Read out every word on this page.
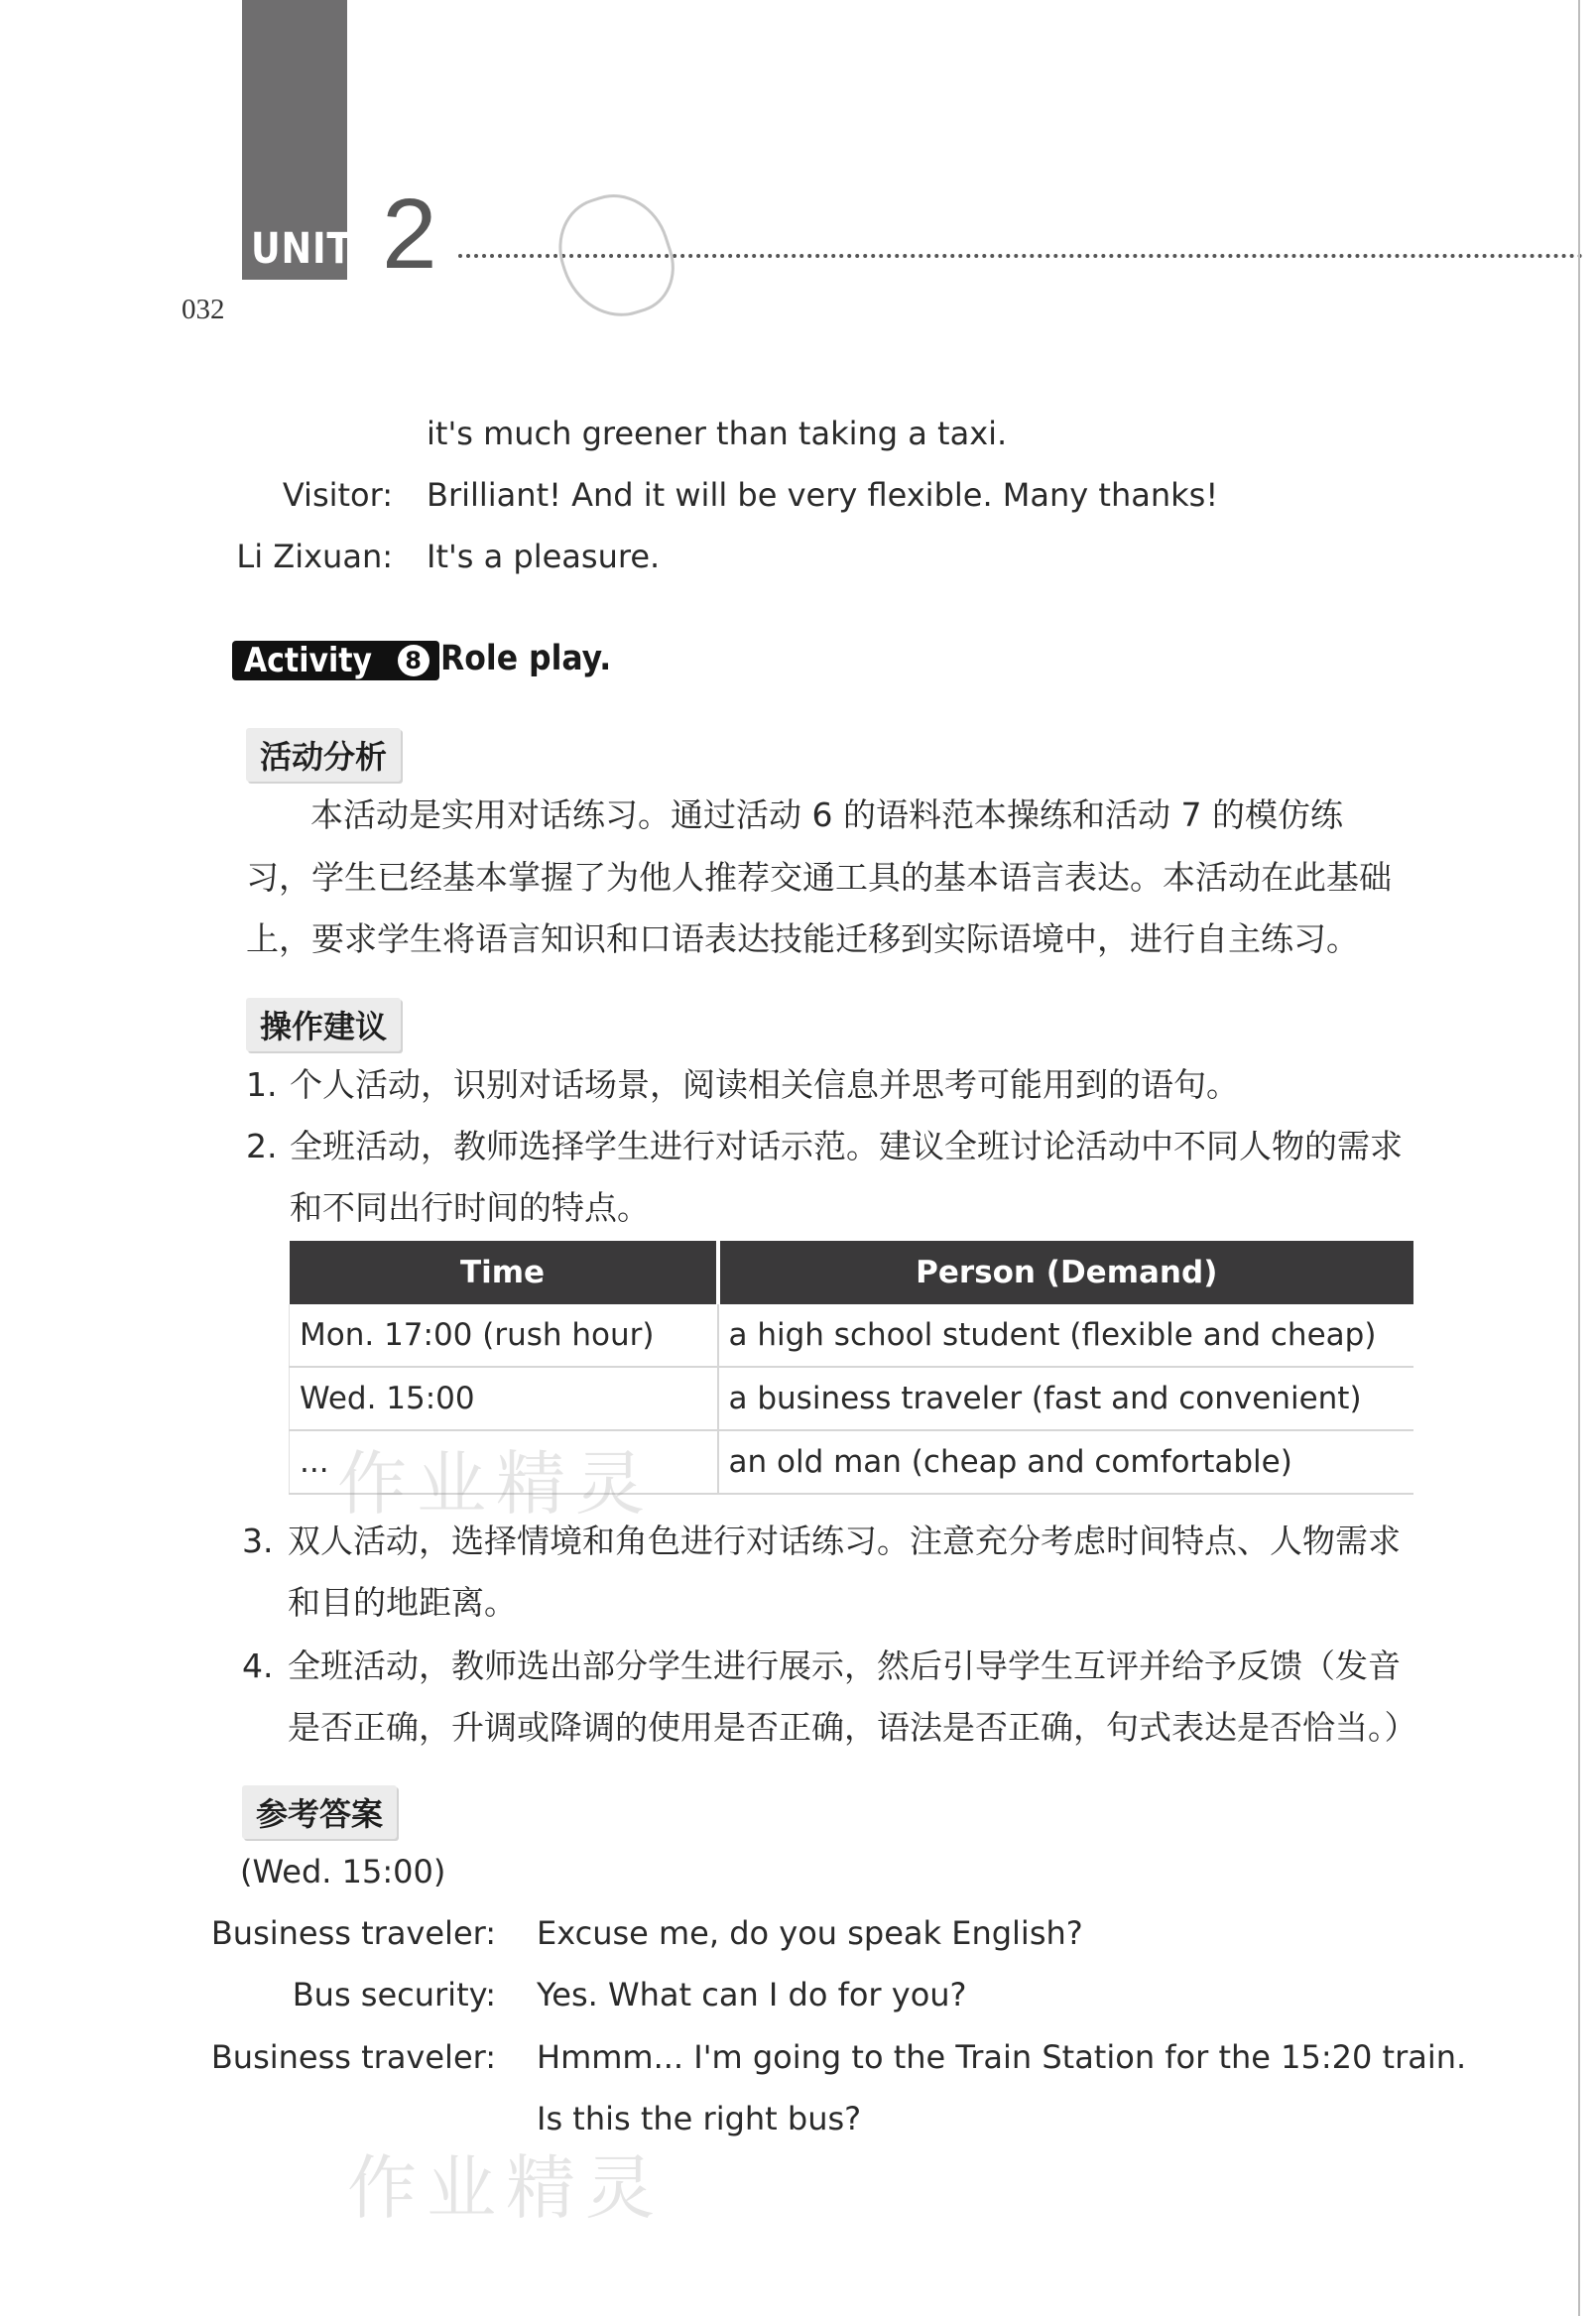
UNIT 2
032
it's much greener than taking a taxi.
Visitor: Brilliant! And it will be very flexible. Many thanks!
Li Zixuan: It's a pleasure.
Activity	8 Role play.
活动分析
本活动是实用对话练习。通过活动 6 的语料范本操练和活动 7 的模仿练
习，学生已经基本掌握了为他人推荐交通工具的基本语言表达。本活动在此基础
上，要求学生将语言知识和口语表达技能迁移到实际语境中，进行自主练习。
操作建议
1. 个人活动，识别对话场景，阅读相关信息并思考可能用到的语句。
2. 全班活动，教师选择学生进行对话示范。建议全班讨论活动中不同人物的需求
和不同出行时间的特点。
Time	Person (Demand)
Mon. 17:00 (rush hour)	a high school student (flexible and cheap)
Wed. 15:00	a business traveler (fast and convenient)
...	an old man (cheap and comfortable)
3. 双人活动，选择情境和角色进行对话练习。注意充分考虑时间特点、人物需求
和目的地距离。
4. 全班活动，教师选出部分学生进行展示，然后引导学生互评并给予反馈（发音
是否正确，升调或降调的使用是否正确，语法是否正确，句式表达是否恰当。）
参考答案
(Wed. 15:00)
Business traveler: Excuse me, do you speak English?
Bus security: Yes. What can I do for you?
Business traveler: Hmmm... I'm going to the Train Station for the 15:20 train.
Is this the right bus?
作业精灵
作业精灵
